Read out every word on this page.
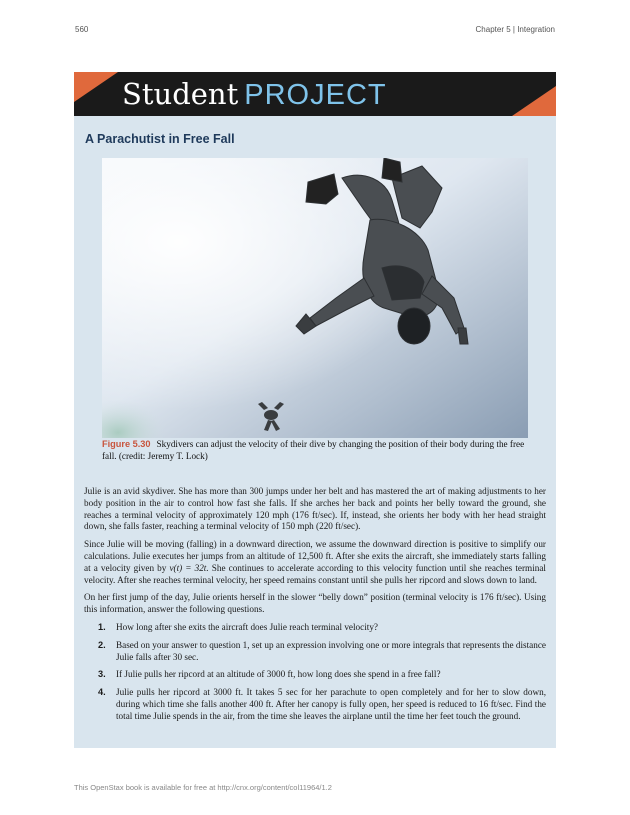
560	Chapter 5 | Integration
Student PROJECT
A Parachutist in Free Fall
Figure 5.30 Skydivers can adjust the velocity of their dive by changing the position of their body during the free fall. (credit: Jeremy T. Lock)

Julie is an avid skydiver. She has more than 300 jumps under her belt and has mastered the art of making adjustments to her body position in the air to control how fast she falls. If she arches her back and points her belly toward the ground, she reaches a terminal velocity of approximately 120 mph (176 ft/sec). If, instead, she orients her body with her head straight down, she falls faster, reaching a terminal velocity of 150 mph (220 ft/sec).

Since Julie will be moving (falling) in a downward direction, we assume the downward direction is positive to simplify our calculations. Julie executes her jumps from an altitude of 12,500 ft. After she exits the aircraft, she immediately starts falling at a velocity given by v(t) = 32t. She continues to accelerate according to this velocity function until she reaches terminal velocity. After she reaches terminal velocity, her speed remains constant until she pulls her ripcord and slows down to land.

On her first jump of the day, Julie orients herself in the slower “belly down” position (terminal velocity is 176 ft/sec). Using this information, answer the following questions.

1. How long after she exits the aircraft does Julie reach terminal velocity?
2. Based on your answer to question 1, set up an expression involving one or more integrals that represents the distance Julie falls after 30 sec.
3. If Julie pulls her ripcord at an altitude of 3000 ft, how long does she spend in a free fall?
4. Julie pulls her ripcord at 3000 ft. It takes 5 sec for her parachute to open completely and for her to slow down, during which time she falls another 400 ft. After her canopy is fully open, her speed is reduced to 16 ft/sec. Find the total time Julie spends in the air, from the time she leaves the airplane until the time her feet touch the ground.
This OpenStax book is available for free at http://cnx.org/content/col11964/1.2
